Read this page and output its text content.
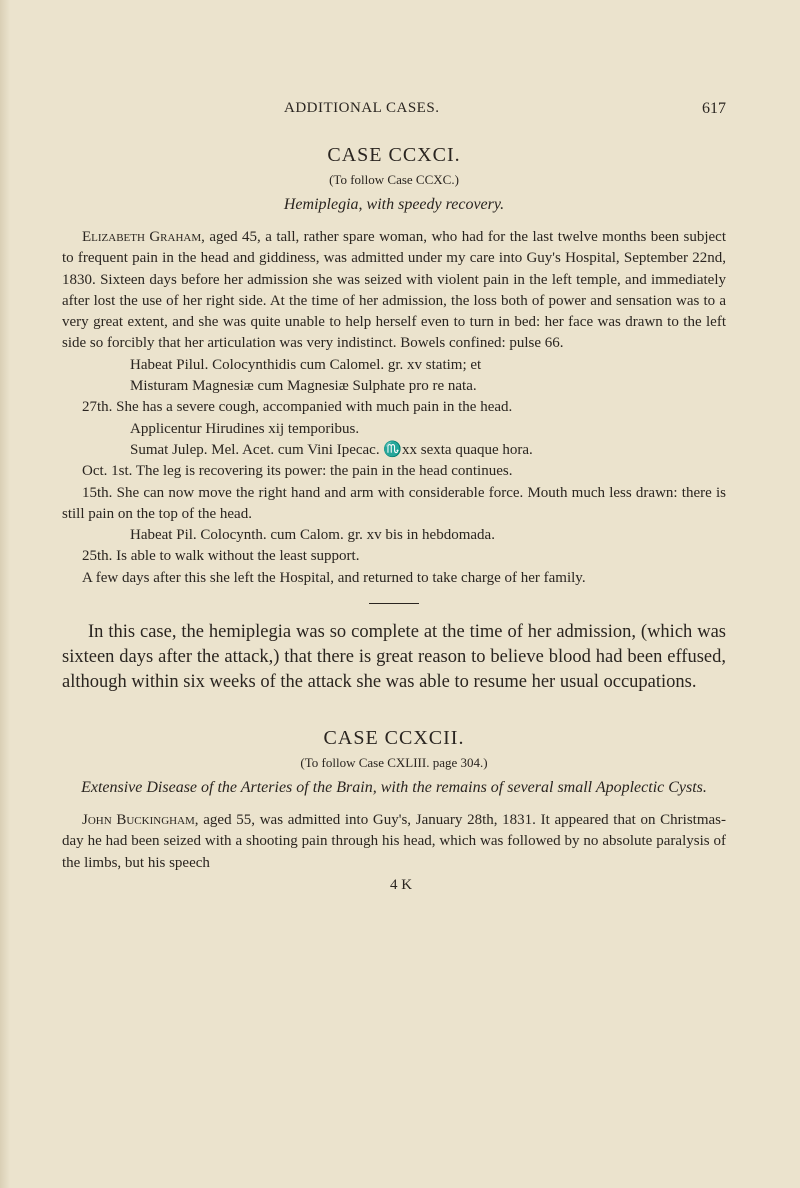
ADDITIONAL CASES.	617
CASE CCXCI.
(To follow Case CCXC.)
Hemiplegia, with speedy recovery.

Elizabeth Graham, aged 45, a tall, rather spare woman, who had for the last twelve months been subject to frequent pain in the head and giddiness, was admitted under my care into Guy's Hospital, September 22nd, 1830. Sixteen days before her admission she was seized with violent pain in the left temple, and immediately after lost the use of her right side. At the time of her admission, the loss both of power and sensation was to a very great extent, and she was quite unable to help herself even to turn in bed: her face was drawn to the left side so forcibly that her articulation was very indistinct. Bowels confined: pulse 66.

Habeat Pilul. Colocynthidis cum Calomel. gr. xv statim; et

Misturam Magnesiæ cum Magnesiæ Sulphate pro re nata.

27th. She has a severe cough, accompanied with much pain in the head.

Applicentur Hirudines xij temporibus.

Sumat Julep. Mel. Acet. cum Vini Ipecac. ♏xx sexta quaque hora.

Oct. 1st. The leg is recovering its power: the pain in the head continues.

15th. She can now move the right hand and arm with considerable force. Mouth much less drawn: there is still pain on the top of the head.

Habeat Pil. Colocynth. cum Calom. gr. xv bis in hebdomada.

25th. Is able to walk without the least support.

A few days after this she left the Hospital, and returned to take charge of her family.

In this case, the hemiplegia was so complete at the time of her admission, (which was sixteen days after the attack,) that there is great reason to believe blood had been effused, although within six weeks of the attack she was able to resume her usual occupations.

CASE CCXCII.
(To follow Case CXLIII. page 304.)
Extensive Disease of the Arteries of the Brain, with the remains of several small Apoplectic Cysts.

John Buckingham, aged 55, was admitted into Guy's, January 28th, 1831. It appeared that on Christmas-day he had been seized with a shooting pain through his head, which was followed by no absolute paralysis of the limbs, but his speech

4 K
